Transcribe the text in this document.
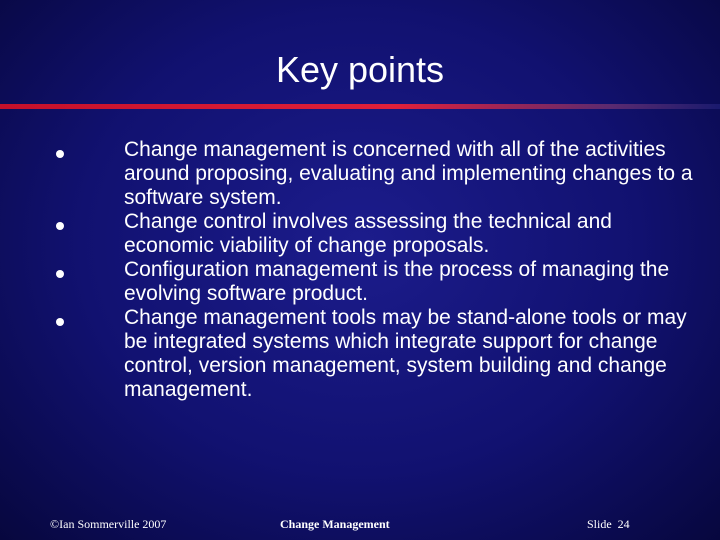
Key points
Change management is concerned with all of the activities around proposing, evaluating and implementing changes to a software system.
Change control involves assessing the technical and economic viability of change proposals.
Configuration management is the process of managing the evolving software product.
Change management tools may be stand-alone tools or may be integrated systems which integrate support for change control, version management, system building and change management.
©Ian Sommerville 2007	Change Management	Slide  24
